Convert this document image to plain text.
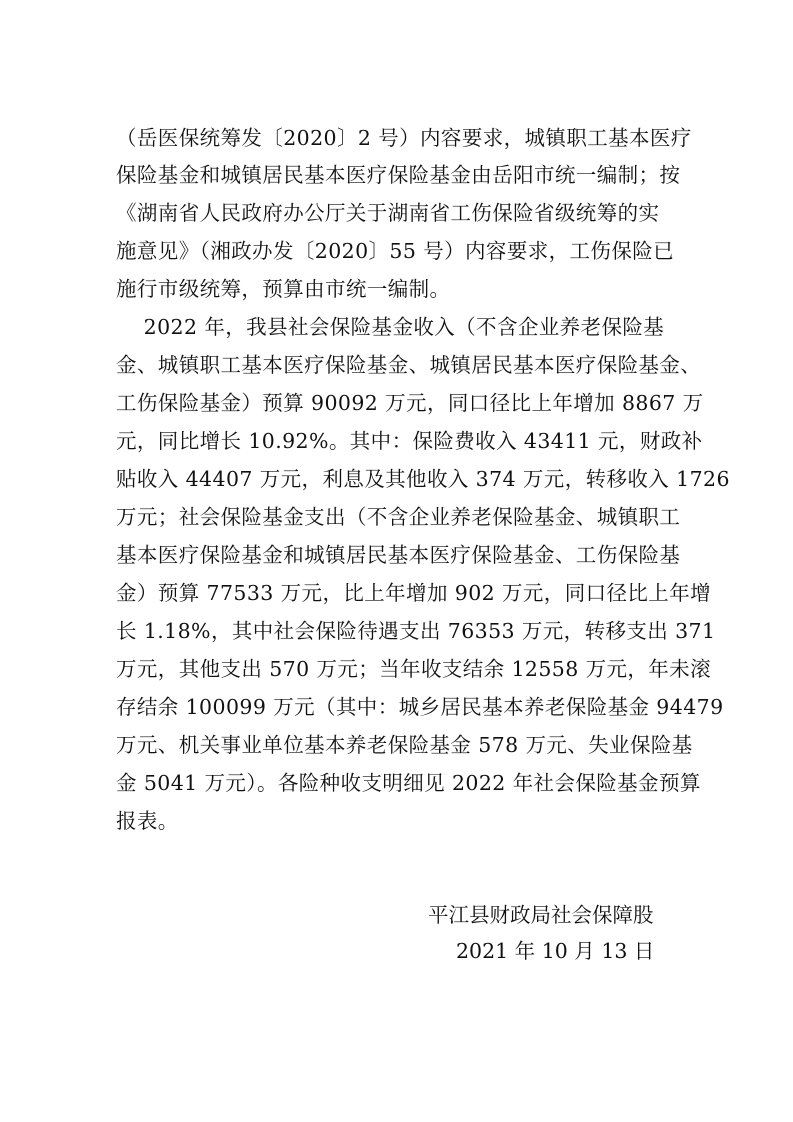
（岳医保统筹发〔2020〕2 号）内容要求，城镇职工基本医疗
保险基金和城镇居民基本医疗保险基金由岳阳市统一编制；按
《湖南省人民政府办公厅关于湖南省工伤保险省级统筹的实
施意见》（湘政办发〔2020〕55 号）内容要求，工伤保险已
施行市级统筹，预算由市统一编制。
2022 年，我县社会保险基金收入（不含企业养老保险基
金、城镇职工基本医疗保险基金、城镇居民基本医疗保险基金、
工伤保险基金）预算 90092 万元，同口径比上年增加 8867 万
元，同比增长 10.92%。其中：保险费收入 43411 元，财政补
贴收入 44407 万元，利息及其他收入 374 万元，转移收入 1726
万元；社会保险基金支出（不含企业养老保险基金、城镇职工
基本医疗保险基金和城镇居民基本医疗保险基金、工伤保险基
金）预算 77533 万元，比上年增加 902 万元，同口径比上年增
长 1.18%，其中社会保险待遇支出 76353 万元，转移支出 371
万元，其他支出 570 万元；当年收支结余 12558 万元，年未滚
存结余 100099 万元（其中：城乡居民基本养老保险基金 94479
万元、机关事业单位基本养老保险基金 578 万元、失业保险基
金 5041 万元）。各险种收支明细见 2022 年社会保险基金预算
报表。
平江县财政局社会保障股
2021 年 10 月 13 日
